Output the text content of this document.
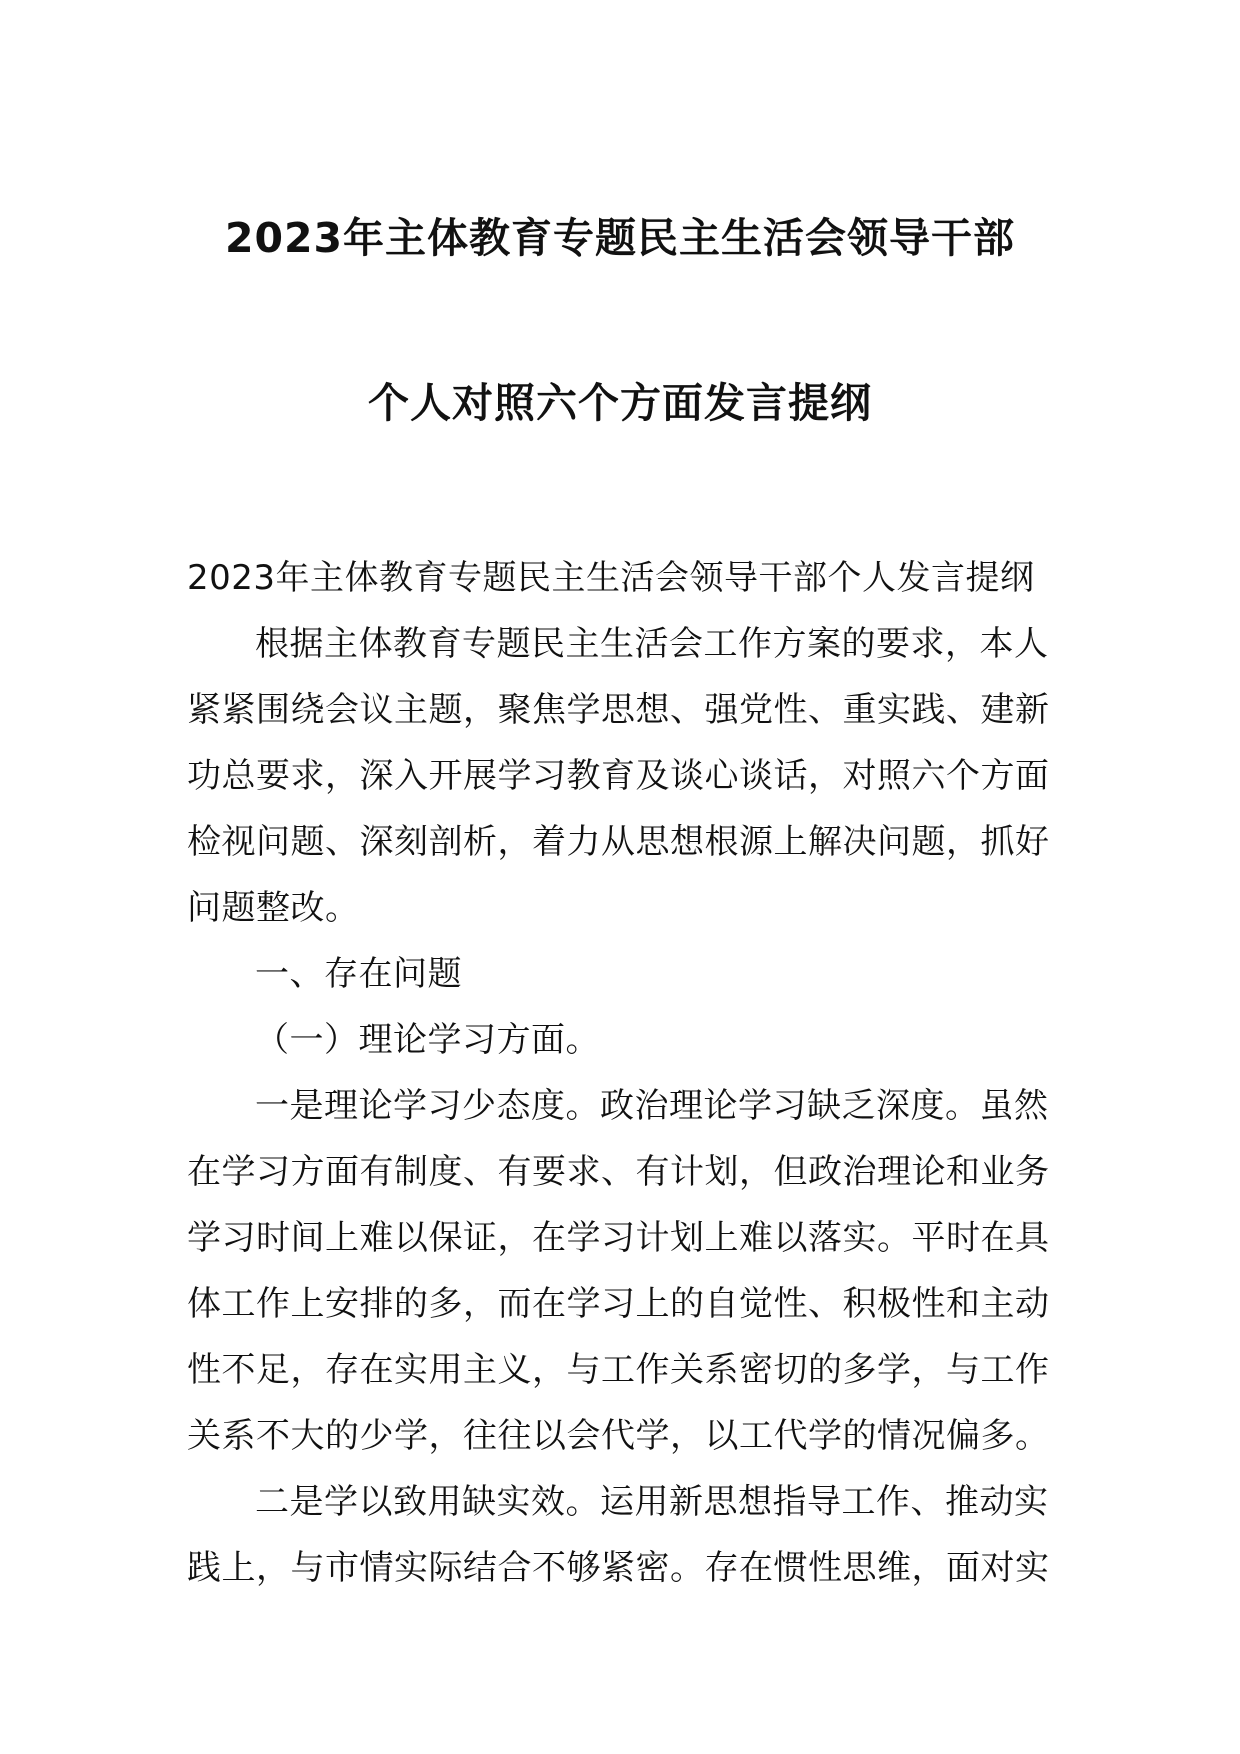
2023年主体教育专题民主生活会领导干部
个人对照六个方面发言提纲
2023年主体教育专题民主生活会领导干部个人发言提纲
根据主体教育专题民主生活会工作方案的要求，本人
紧紧围绕会议主题，聚焦学思想、强党性、重实践、建新
功总要求，深入开展学习教育及谈心谈话，对照六个方面
检视问题、深刻剖析，着力从思想根源上解决问题，抓好
问题整改。
一、存在问题
（一）理论学习方面。
一是理论学习少态度。政治理论学习缺乏深度。虽然
在学习方面有制度、有要求、有计划，但政治理论和业务
学习时间上难以保证，在学习计划上难以落实。平时在具
体工作上安排的多，而在学习上的自觉性、积极性和主动
性不足，存在实用主义，与工作关系密切的多学，与工作
关系不大的少学，往往以会代学，以工代学的情况偏多。
二是学以致用缺实效。运用新思想指导工作、推动实
践上，与市情实际结合不够紧密。存在惯性思维，面对实
